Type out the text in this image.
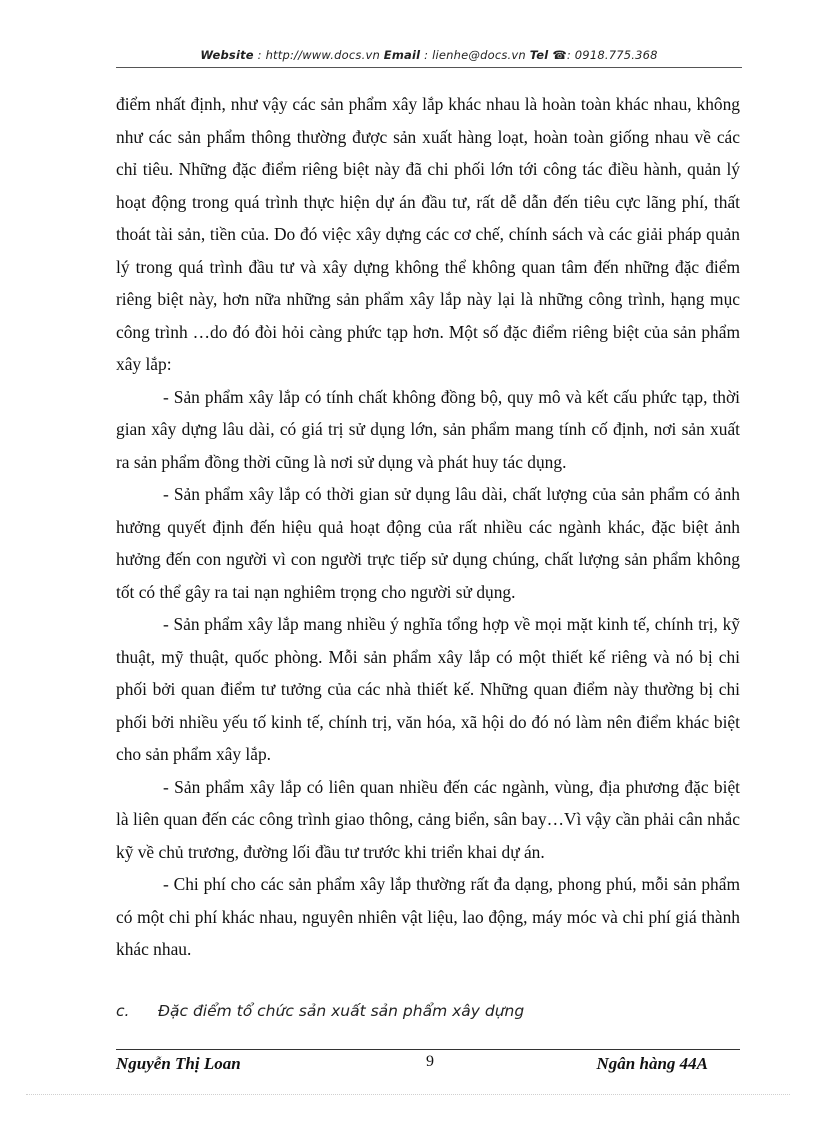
Website : http://www.docs.vn Email : lienhe@docs.vn Tel ☎: 0918.775.368

điểm nhất định, như vậy các sản phẩm xây lắp khác nhau là hoàn toàn khác nhau, không như các sản phẩm thông thường được sản xuất hàng loạt, hoàn toàn giống nhau về các chỉ tiêu. Những đặc điểm riêng biệt này đã chi phối lớn tới công tác điều hành, quản lý hoạt động trong quá trình thực hiện dự án đầu tư, rất dễ dẫn đến tiêu cực lãng phí, thất thoát tài sản, tiền của. Do đó việc xây dựng các cơ chế, chính sách và các giải pháp quản lý trong quá trình đầu tư và xây dựng không thể không quan tâm đến những đặc điểm riêng biệt này, hơn nữa những sản phẩm xây lắp này lại là những công trình, hạng mục công trình …do đó đòi hỏi càng phức tạp hơn. Một số đặc điểm riêng biệt của sản phẩm xây lắp:

- Sản phẩm xây lắp có tính chất không đồng bộ, quy mô và kết cấu phức tạp, thời gian xây dựng lâu dài, có giá trị sử dụng lớn, sản phẩm mang tính cố định, nơi sản xuất ra sản phẩm đồng thời cũng là nơi sử dụng và phát huy tác dụng.

- Sản phẩm xây lắp có thời gian sử dụng lâu dài, chất lượng của sản phẩm có ảnh hưởng quyết định đến hiệu quả hoạt động của rất nhiều các ngành khác, đặc biệt ảnh hưởng đến con người vì con người trực tiếp sử dụng chúng, chất lượng sản phẩm không tốt có thể gây ra tai nạn nghiêm trọng cho người sử dụng.

- Sản phẩm xây lắp mang nhiều ý nghĩa tổng hợp về mọi mặt kinh tế, chính trị, kỹ thuật, mỹ thuật, quốc phòng. Mỗi sản phẩm xây lắp có một thiết kế riêng và nó bị chi phối bởi quan điểm tư tưởng của các nhà thiết kế. Những quan điểm này thường bị chi phối bởi nhiều yếu tố kinh tế, chính trị, văn hóa, xã hội do đó nó làm nên điểm khác biệt cho sản phẩm xây lắp.

- Sản phẩm xây lắp có liên quan nhiều đến các ngành, vùng, địa phương đặc biệt là liên quan đến các công trình giao thông, cảng biển, sân bay…Vì vậy cần phải cân nhắc kỹ về chủ trương, đường lối đầu tư trước khi triển khai dự án.

- Chi phí cho các sản phẩm xây lắp thường rất đa dạng, phong phú, mỗi sản phẩm có một chi phí khác nhau, nguyên nhiên vật liệu, lao động, máy móc và chi phí giá thành khác nhau.

c. Đặc điểm tổ chức sản xuất sản phẩm xây dựng
Nguyễn Thị Loan	9	Ngân hàng 44A
